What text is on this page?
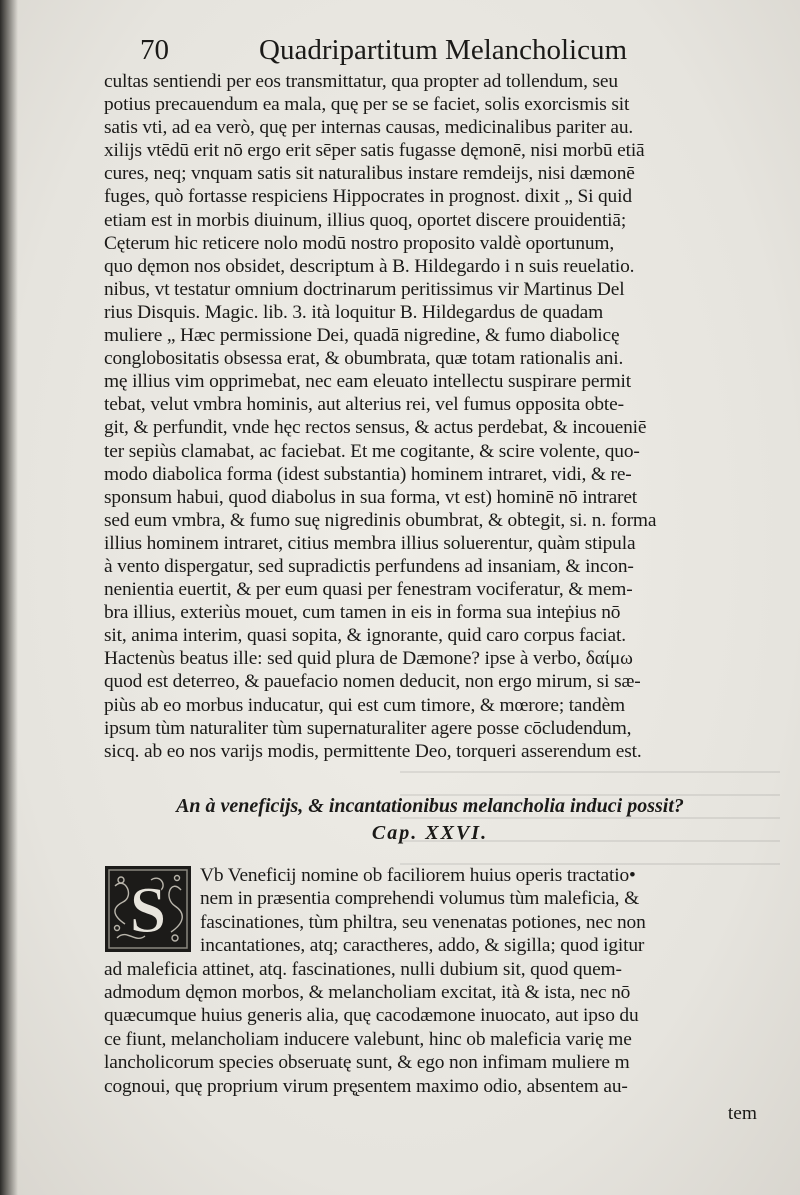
70	Quadripartitum Melancholicum
cultas sentiendi per eos transmittatur, qua propter ad tollendum, seu
potius precauendum ea mala, quę per se se faciet, solis exorcismis sit
satis vti, ad ea verò, quę per internas causas, medicinalibus pariter au.
xilijs vtēdū erit nō ergo erit sēper satis fugasse dęmonē, nisi morbū etiā
cures, neq; vnquam satis sit naturalibus instare remdeijs, nisi dæmonē
fuges, quò fortasse respiciens Hippocrates in prognost. dixit „ Si quid
etiam est in morbis diuinum, illius quoq, oportet discere prouidentiā;
Cęterum hic reticere nolo modū nostro proposito valdè oportunum,
quo dęmon nos obsidet, descriptum à B. Hildegardo i n suis reuelatio.
nibus, vt testatur omnium doctrinarum peritissimus vir Martinus Del
rius Disquis. Magic. lib. 3. ità loquitur B. Hildegardus de quadam
muliere „ Hæc permissione Dei, quadā nigredine, & fumo diabolicę
conglobositatis obsessa erat, & obumbrata, quæ totam rationalis ani.
mę illius vim opprimebat, nec eam eleuato intellectu suspirare permit
tebat, velut vmbra hominis, aut alterius rei, vel fumus opposita obte-
git, & perfundit, vnde hęc rectos sensus, & actus perdebat, & incoueniē
ter sepiùs clamabat, ac faciebat. Et me cogitante, & scire volente, quo-
modo diabolica forma (idest substantia) hominem intraret, vidi, & re-
sponsum habui, quod diabolus in sua forma, vt est) hominē nō intraret
sed eum vmbra, & fumo suę nigredinis obumbrat, & obtegit, si. n. forma
illius hominem intraret, citius membra illius soluerentur, quàm stipula
à vento dispergatur, sed supradictis perfundens ad insaniam, & incon-
nenientia euertit, & per eum quasi per fenestram vociferatur, & mem-
bra illius, exteriùs mouet, cum tamen in eis in forma sua inteṗius nō
sit, anima interim, quasi sopita, & ignorante, quid caro corpus faciat.
Hactenùs beatus ille: sed quid plura de Dæmone? ipse à verbo, δαίμω
quod est deterreo, & pauefacio nomen deducit, non ergo mirum, si sæ-
piùs ab eo morbus inducatur, qui est cum timore, & mœrore; tandèm
ipsum tùm naturaliter tùm supernaturaliter agere posse cōcludendum,
sicq. ab eo nos varijs modis, permittente Deo, torqueri asserendum est.
An à veneficijs, & incantationibus melancholia induci possit?
Cap. XXVI.
S	Vb Veneficij nomine ob faciliorem huius operis tractatio•
nem in præsentia comprehendi volumus tùm maleficia, &
fascinationes, tùm philtra, seu venenatas potiones, nec non
incantationes, atq; caractheres, addo, & sigilla; quod igitur
ad maleficia attinet, atq. fascinationes, nulli dubium sit, quod quem-
admodum dęmon morbos, & melancholiam excitat, ità & ista, nec nō
quæcumque huius generis alia, quę cacodæmone inuocato, aut ipso du
ce fiunt, melancholiam inducere valebunt, hinc ob maleficia varię me
lancholicorum species obseruatę sunt, & ego non infimam muliere m
cognoui, quę proprium virum prę̨sentem maximo odio, absentem au-
tem
